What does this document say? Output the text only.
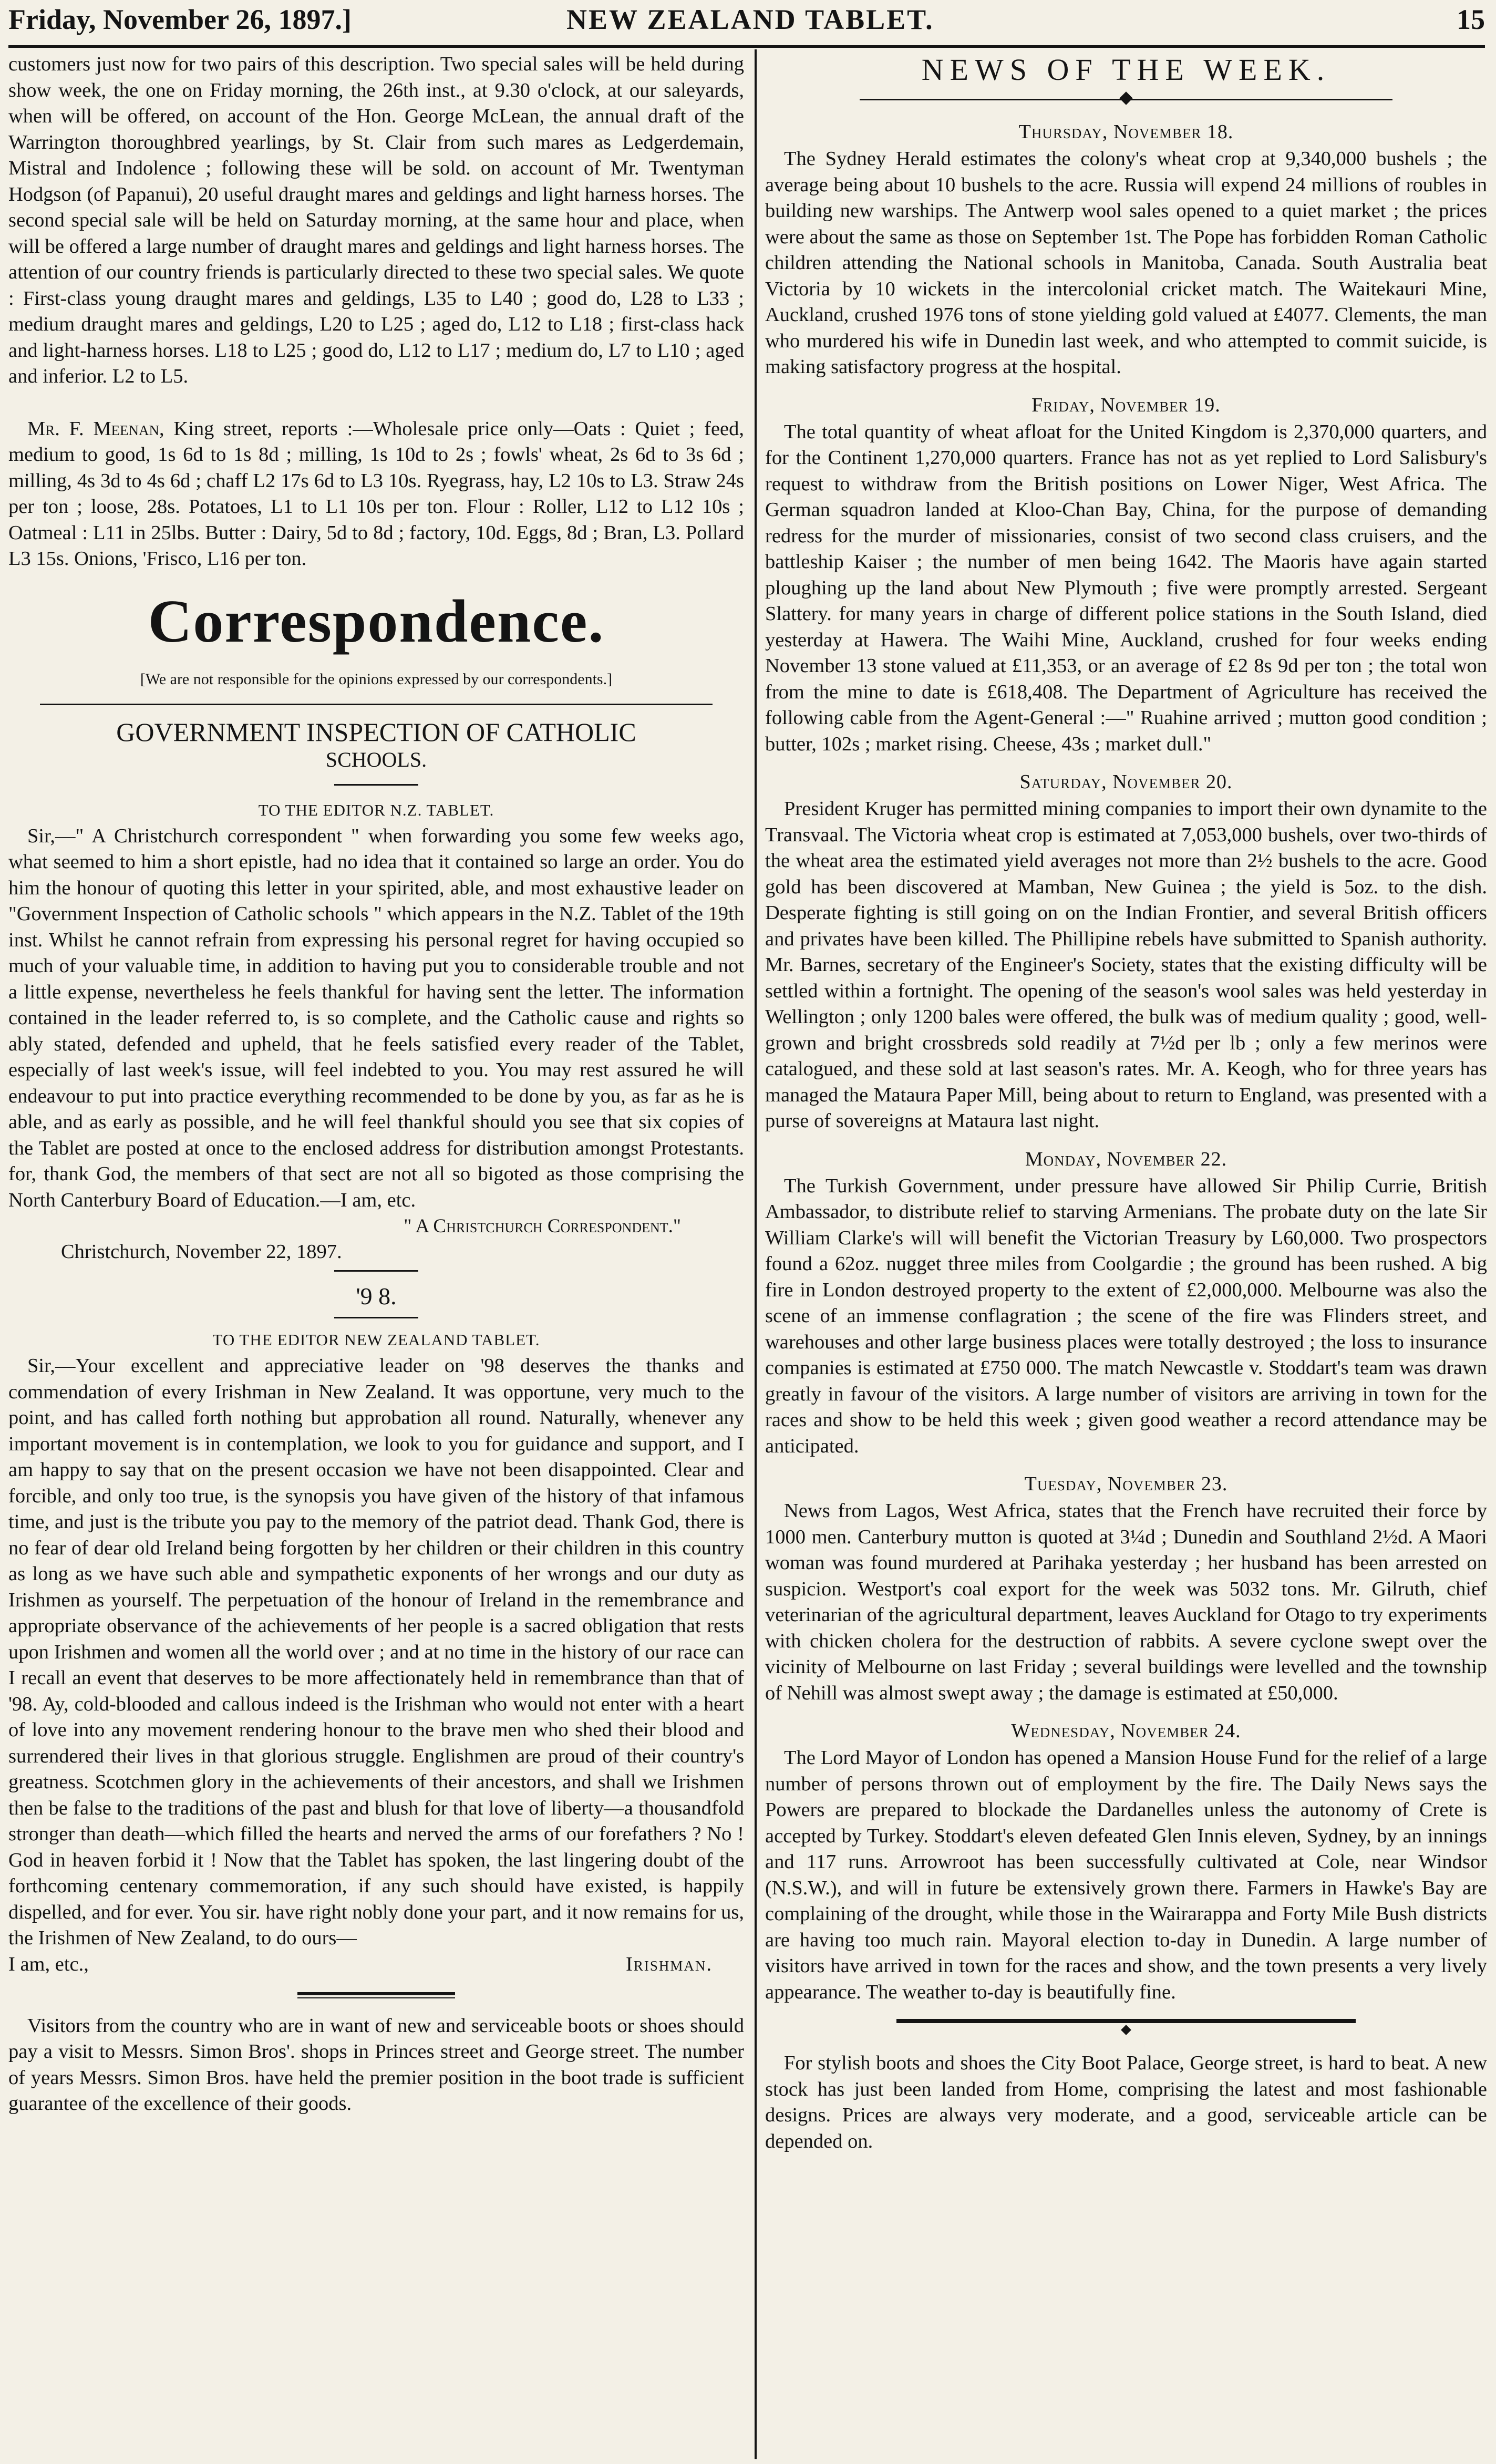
Friday, November 26, 1897.]	NEW ZEALAND TABLET.	15

customers just now for two pairs of this description. Two special sales will be held during show week, the one on Friday morning, the 26th inst., at 9.30 o'clock, at our saleyards, when will be offered, on account of the Hon. George McLean, the annual draft of the Warrington thoroughbred yearlings, by St. Clair from such mares as Ledgerdemain, Mistral and Indolence ; following these will be sold. on account of Mr. Twentyman Hodgson (of Papanui), 20 useful draught mares and geldings and light harness horses. The second special sale will be held on Saturday morning, at the same hour and place, when will be offered a large number of draught mares and geldings and light harness horses. The attention of our country friends is particularly directed to these two special sales. We quote : First-class young draught mares and geldings, L35 to L40 ; good do, L28 to L33 ; medium draught mares and geldings, L20 to L25 ; aged do, L12 to L18 ; first-class hack and light-harness horses. L18 to L25 ; good do, L12 to L17 ; medium do, L7 to L10 ; aged and inferior. L2 to L5.

Mr. F. Meenan, King street, reports :—Wholesale price only—Oats : Quiet ; feed, medium to good, 1s 6d to 1s 8d ; milling, 1s 10d to 2s ; fowls' wheat, 2s 6d to 3s 6d ; milling, 4s 3d to 4s 6d ; chaff L2 17s 6d to L3 10s. Ryegrass, hay, L2 10s to L3. Straw 24s per ton ; loose, 28s. Potatoes, L1 to L1 10s per ton. Flour : Roller, L12 to L12 10s ; Oatmeal : L11 in 25lbs. Butter : Dairy, 5d to 8d ; factory, 10d. Eggs, 8d ; Bran, L3. Pollard L3 15s. Onions, 'Frisco, L16 per ton.

Correspondence.
[We are not responsible for the opinions expressed by our correspondents.]
GOVERNMENT INSPECTION OF CATHOLIC
SCHOOLS.
TO THE EDITOR N.Z. TABLET.

Sir,—" A Christchurch correspondent " when forwarding you some few weeks ago, what seemed to him a short epistle, had no idea that it contained so large an order. You do him the honour of quoting this letter in your spirited, able, and most exhaustive leader on "Government Inspection of Catholic schools " which appears in the N.Z. Tablet of the 19th inst. Whilst he cannot refrain from expressing his personal regret for having occupied so much of your valuable time, in addition to having put you to considerable trouble and not a little expense, nevertheless he feels thankful for having sent the letter. The information contained in the leader referred to, is so complete, and the Catholic cause and rights so ably stated, defended and upheld, that he feels satisfied every reader of the Tablet, especially of last week's issue, will feel indebted to you. You may rest assured he will endeavour to put into practice everything recommended to be done by you, as far as he is able, and as early as possible, and he will feel thankful should you see that six copies of the Tablet are posted at once to the enclosed address for distribution amongst Protestants. for, thank God, the members of that sect are not all so bigoted as those comprising the North Canterbury Board of Education.—I am, etc.

" A Christchurch Correspondent."
Christchurch, November 22, 1897.
'9 8.
TO THE EDITOR NEW ZEALAND TABLET.

Sir,—Your excellent and appreciative leader on '98 deserves the thanks and commendation of every Irishman in New Zealand. It was opportune, very much to the point, and has called forth nothing but approbation all round. Naturally, whenever any important movement is in contemplation, we look to you for guidance and support, and I am happy to say that on the present occasion we have not been disappointed. Clear and forcible, and only too true, is the synopsis you have given of the history of that infamous time, and just is the tribute you pay to the memory of the patriot dead. Thank God, there is no fear of dear old Ireland being forgotten by her children or their children in this country as long as we have such able and sympathetic exponents of her wrongs and our duty as Irishmen as yourself. The perpetuation of the honour of Ireland in the remembrance and appropriate observance of the achievements of her people is a sacred obligation that rests upon Irishmen and women all the world over ; and at no time in the history of our race can I recall an event that deserves to be more affectionately held in remembrance than that of '98. Ay, cold-blooded and callous indeed is the Irishman who would not enter with a heart of love into any movement rendering honour to the brave men who shed their blood and surrendered their lives in that glorious struggle. Englishmen are proud of their country's greatness. Scotchmen glory in the achievements of their ancestors, and shall we Irishmen then be false to the traditions of the past and blush for that love of liberty—a thousandfold stronger than death—which filled the hearts and nerved the arms of our forefathers ? No ! God in heaven forbid it ! Now that the Tablet has spoken, the last lingering doubt of the forthcoming centenary commemoration, if any such should have existed, is happily dispelled, and for ever. You sir. have right nobly done your part, and it now remains for us, the Irishmen of New Zealand, to do ours—

I am, etc.,	Irishman.

Visitors from the country who are in want of new and serviceable boots or shoes should pay a visit to Messrs. Simon Bros'. shops in Princes street and George street. The number of years Messrs. Simon Bros. have held the premier position in the boot trade is sufficient guarantee of the excellence of their goods.

NEWS OF THE WEEK.
Thursday, November 18.

The Sydney Herald estimates the colony's wheat crop at 9,340,000 bushels ; the average being about 10 bushels to the acre. Russia will expend 24 millions of roubles in building new warships. The Antwerp wool sales opened to a quiet market ; the prices were about the same as those on September 1st. The Pope has forbidden Roman Catholic children attending the National schools in Manitoba, Canada. South Australia beat Victoria by 10 wickets in the intercolonial cricket match. The Waitekauri Mine, Auckland, crushed 1976 tons of stone yielding gold valued at £4077. Clements, the man who murdered his wife in Dunedin last week, and who attempted to commit suicide, is making satisfactory progress at the hospital.

Friday, November 19.

The total quantity of wheat afloat for the United Kingdom is 2,370,000 quarters, and for the Continent 1,270,000 quarters. France has not as yet replied to Lord Salisbury's request to withdraw from the British positions on Lower Niger, West Africa. The German squadron landed at Kloo-Chan Bay, China, for the purpose of demanding redress for the murder of missionaries, consist of two second class cruisers, and the battleship Kaiser ; the number of men being 1642. The Maoris have again started ploughing up the land about New Plymouth ; five were promptly arrested. Sergeant Slattery. for many years in charge of different police stations in the South Island, died yesterday at Hawera. The Waihi Mine, Auckland, crushed for four weeks ending November 13 stone valued at £11,353, or an average of £2 8s 9d per ton ; the total won from the mine to date is £618,408. The Department of Agriculture has received the following cable from the Agent-General :—" Ruahine arrived ; mutton good condition ; butter, 102s ; market rising. Cheese, 43s ; market dull."

Saturday, November 20.

President Kruger has permitted mining companies to import their own dynamite to the Transvaal. The Victoria wheat crop is estimated at 7,053,000 bushels, over two-thirds of the wheat area the estimated yield averages not more than 2½ bushels to the acre. Good gold has been discovered at Mamban, New Guinea ; the yield is 5oz. to the dish. Desperate fighting is still going on on the Indian Frontier, and several British officers and privates have been killed. The Phillipine rebels have submitted to Spanish authority. Mr. Barnes, secretary of the Engineer's Society, states that the existing difficulty will be settled within a fortnight. The opening of the season's wool sales was held yesterday in Wellington ; only 1200 bales were offered, the bulk was of medium quality ; good, well-grown and bright crossbreds sold readily at 7½d per lb ; only a few merinos were catalogued, and these sold at last season's rates. Mr. A. Keogh, who for three years has managed the Mataura Paper Mill, being about to return to England, was presented with a purse of sovereigns at Mataura last night.

Monday, November 22.

The Turkish Government, under pressure have allowed Sir Philip Currie, British Ambassador, to distribute relief to starving Armenians. The probate duty on the late Sir William Clarke's will will benefit the Victorian Treasury by L60,000. Two prospectors found a 62oz. nugget three miles from Coolgardie ; the ground has been rushed. A big fire in London destroyed property to the extent of £2,000,000. Melbourne was also the scene of an immense conflagration ; the scene of the fire was Flinders street, and warehouses and other large business places were totally destroyed ; the loss to insurance companies is estimated at £750 000. The match Newcastle v. Stoddart's team was drawn greatly in favour of the visitors. A large number of visitors are arriving in town for the races and show to be held this week ; given good weather a record attendance may be anticipated.

Tuesday, November 23.

News from Lagos, West Africa, states that the French have recruited their force by 1000 men. Canterbury mutton is quoted at 3¼d ; Dunedin and Southland 2½d. A Maori woman was found murdered at Parihaka yesterday ; her husband has been arrested on suspicion. Westport's coal export for the week was 5032 tons. Mr. Gilruth, chief veterinarian of the agricultural department, leaves Auckland for Otago to try experiments with chicken cholera for the destruction of rabbits. A severe cyclone swept over the vicinity of Melbourne on last Friday ; several buildings were levelled and the township of Nehill was almost swept away ; the damage is estimated at £50,000.

Wednesday, November 24.

The Lord Mayor of London has opened a Mansion House Fund for the relief of a large number of persons thrown out of employment by the fire. The Daily News says the Powers are prepared to blockade the Dardanelles unless the autonomy of Crete is accepted by Turkey. Stoddart's eleven defeated Glen Innis eleven, Sydney, by an innings and 117 runs. Arrowroot has been successfully cultivated at Cole, near Windsor (N.S.W.), and will in future be extensively grown there. Farmers in Hawke's Bay are complaining of the drought, while those in the Wairarappa and Forty Mile Bush districts are having too much rain. Mayoral election to-day in Dunedin. A large number of visitors have arrived in town for the races and show, and the town presents a very lively appearance. The weather to-day is beautifully fine.

For stylish boots and shoes the City Boot Palace, George street, is hard to beat. A new stock has just been landed from Home, comprising the latest and most fashionable designs. Prices are always very moderate, and a good, serviceable article can be depended on.
